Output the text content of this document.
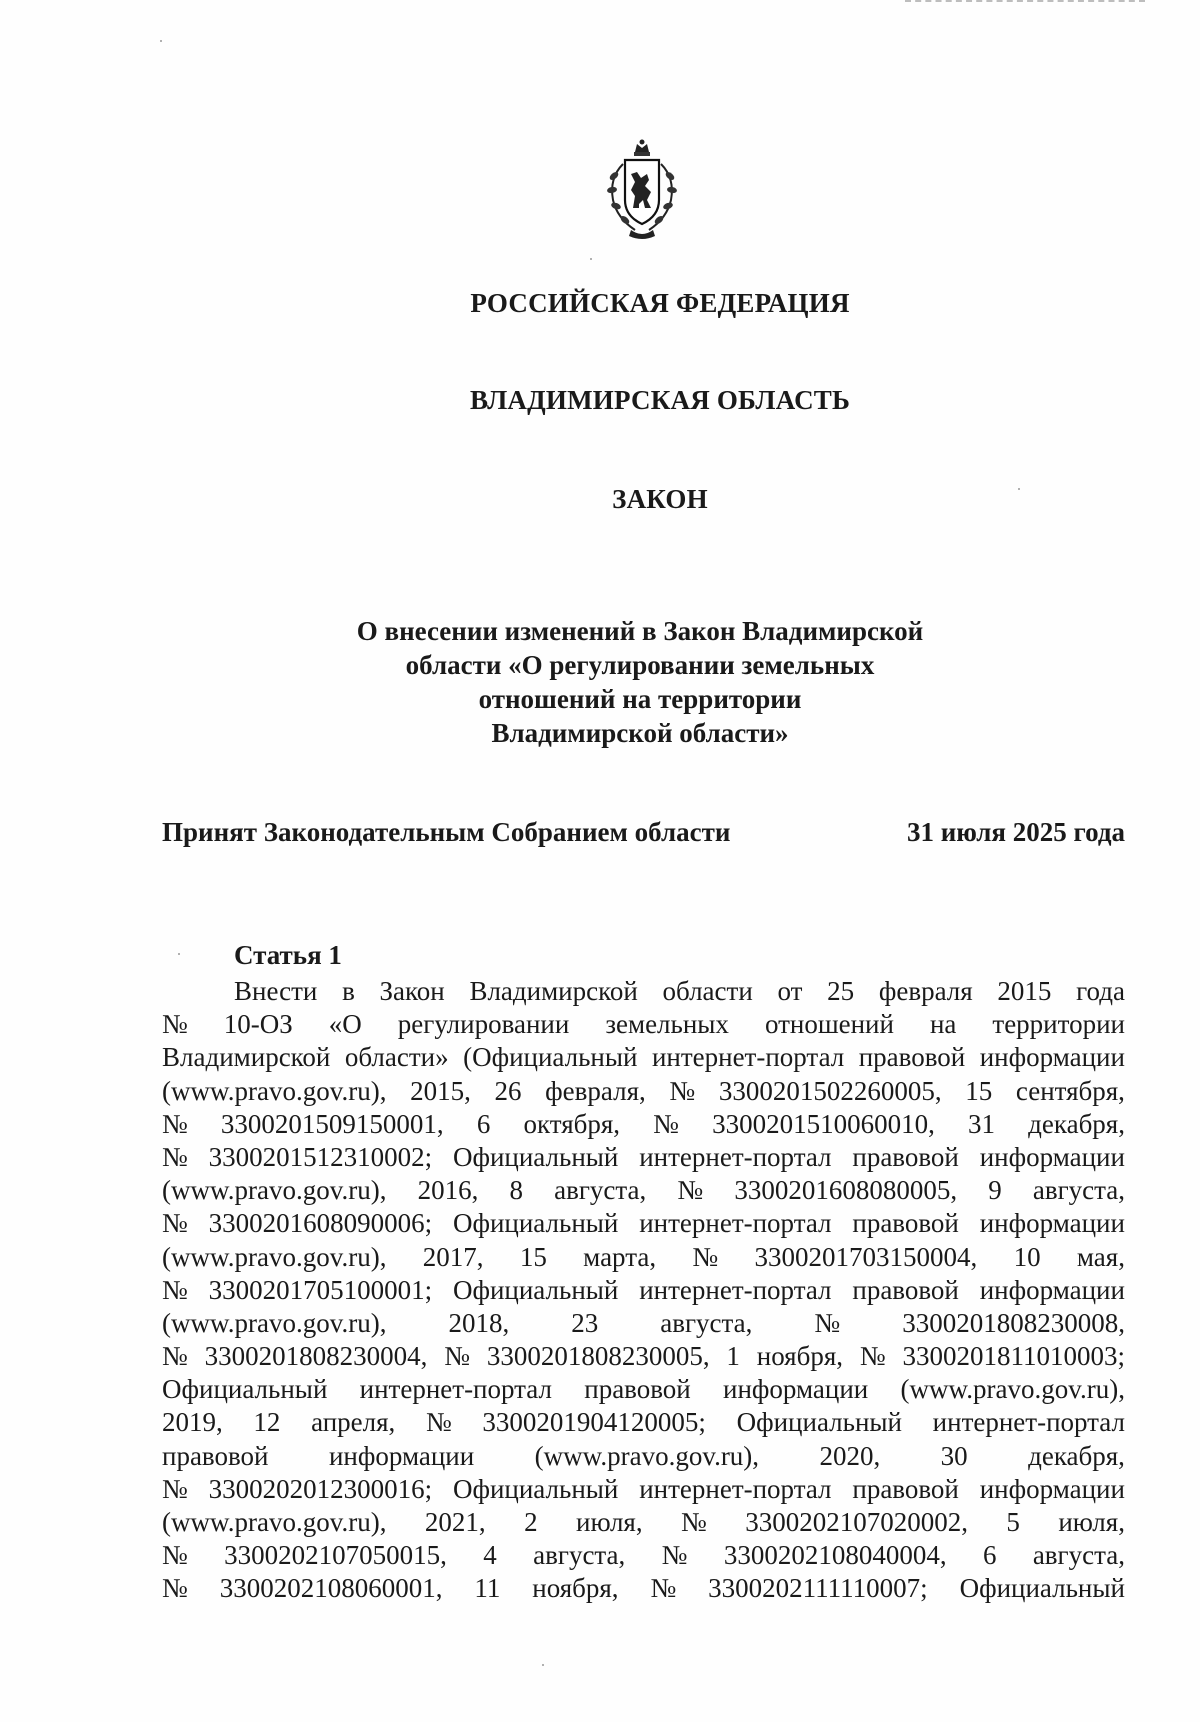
РОССИЙСКАЯ ФЕДЕРАЦИЯ
ВЛАДИМИРСКАЯ ОБЛАСТЬ
ЗАКОН
О внесении изменений в Закон Владимирской
области «О регулировании земельных
отношений на территории
Владимирской области»
Принят Законодательным Собранием области	31 июля 2025 года
Статья 1
Внести в Закон Владимирской области от 25 февраля 2015 года
№ 10-ОЗ «О регулировании земельных отношений на территории
Владимирской области» (Официальный интернет-портал правовой информации
(www.pravo.gov.ru), 2015, 26 февраля, № 3300201502260005, 15 сентября,
№ 3300201509150001, 6 октября, № 3300201510060010, 31 декабря,
№ 3300201512310002; Официальный интернет-портал правовой информации
(www.pravo.gov.ru), 2016, 8 августа, № 3300201608080005, 9 августа,
№ 3300201608090006; Официальный интернет-портал правовой информации
(www.pravo.gov.ru), 2017, 15 марта, № 3300201703150004, 10 мая,
№ 3300201705100001; Официальный интернет-портал правовой информации
(www.pravo.gov.ru), 2018, 23 августа, № 3300201808230008,
№ 3300201808230004, № 3300201808230005, 1 ноября, № 3300201811010003;
Официальный интернет-портал правовой информации (www.pravo.gov.ru),
2019, 12 апреля, № 3300201904120005; Официальный интернет-портал
правовой информации (www.pravo.gov.ru), 2020, 30 декабря,
№ 3300202012300016; Официальный интернет-портал правовой информации
(www.pravo.gov.ru), 2021, 2 июля, № 3300202107020002, 5 июля,
№ 3300202107050015, 4 августа, № 3300202108040004, 6 августа,
№ 3300202108060001, 11 ноября, № 3300202111110007; Официальный
